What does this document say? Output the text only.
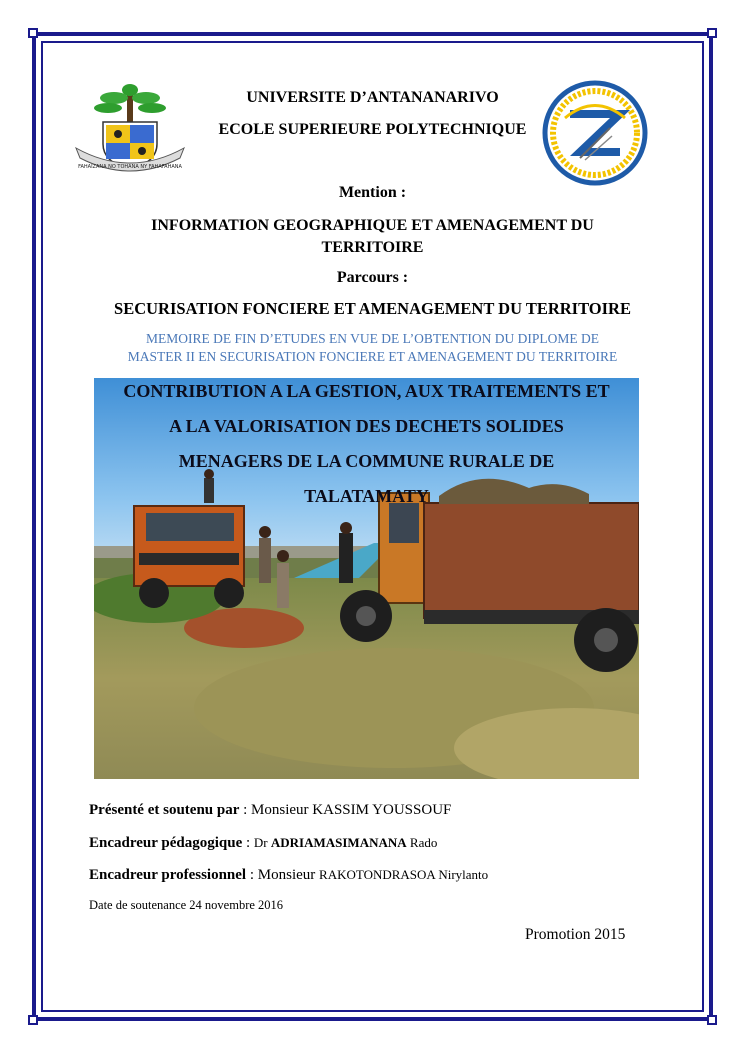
FAHAIZANA NO TOHANA NY FAHAFAHANA
UNIVERSITE D’ANTANANARIVO
ECOLE SUPERIEURE POLYTECHNIQUE
Mention :
INFORMATION GEOGRAPHIQUE ET AMENAGEMENT DU
TERRITOIRE
Parcours :
SECURISATION FONCIERE ET AMENAGEMENT DU TERRITOIRE
MEMOIRE DE FIN D’ETUDES EN VUE DE L’OBTENTION DU DIPLOME DE
MASTER II EN SECURISATION FONCIERE ET AMENAGEMENT DU TERRITOIRE
CONTRIBUTION A LA GESTION, AUX TRAITEMENTS ET
A LA VALORISATION DES DECHETS SOLIDES
MENAGERS DE LA COMMUNE RURALE DE
TALATAMATY
Présenté et soutenu par : Monsieur KASSIM YOUSSOUF
Encadreur pédagogique : Dr ADRIAMASIMANANA Rado
Encadreur professionnel : Monsieur RAKOTONDRASOA Nirylanto
Date de soutenance 24 novembre 2016
Promotion 2015
